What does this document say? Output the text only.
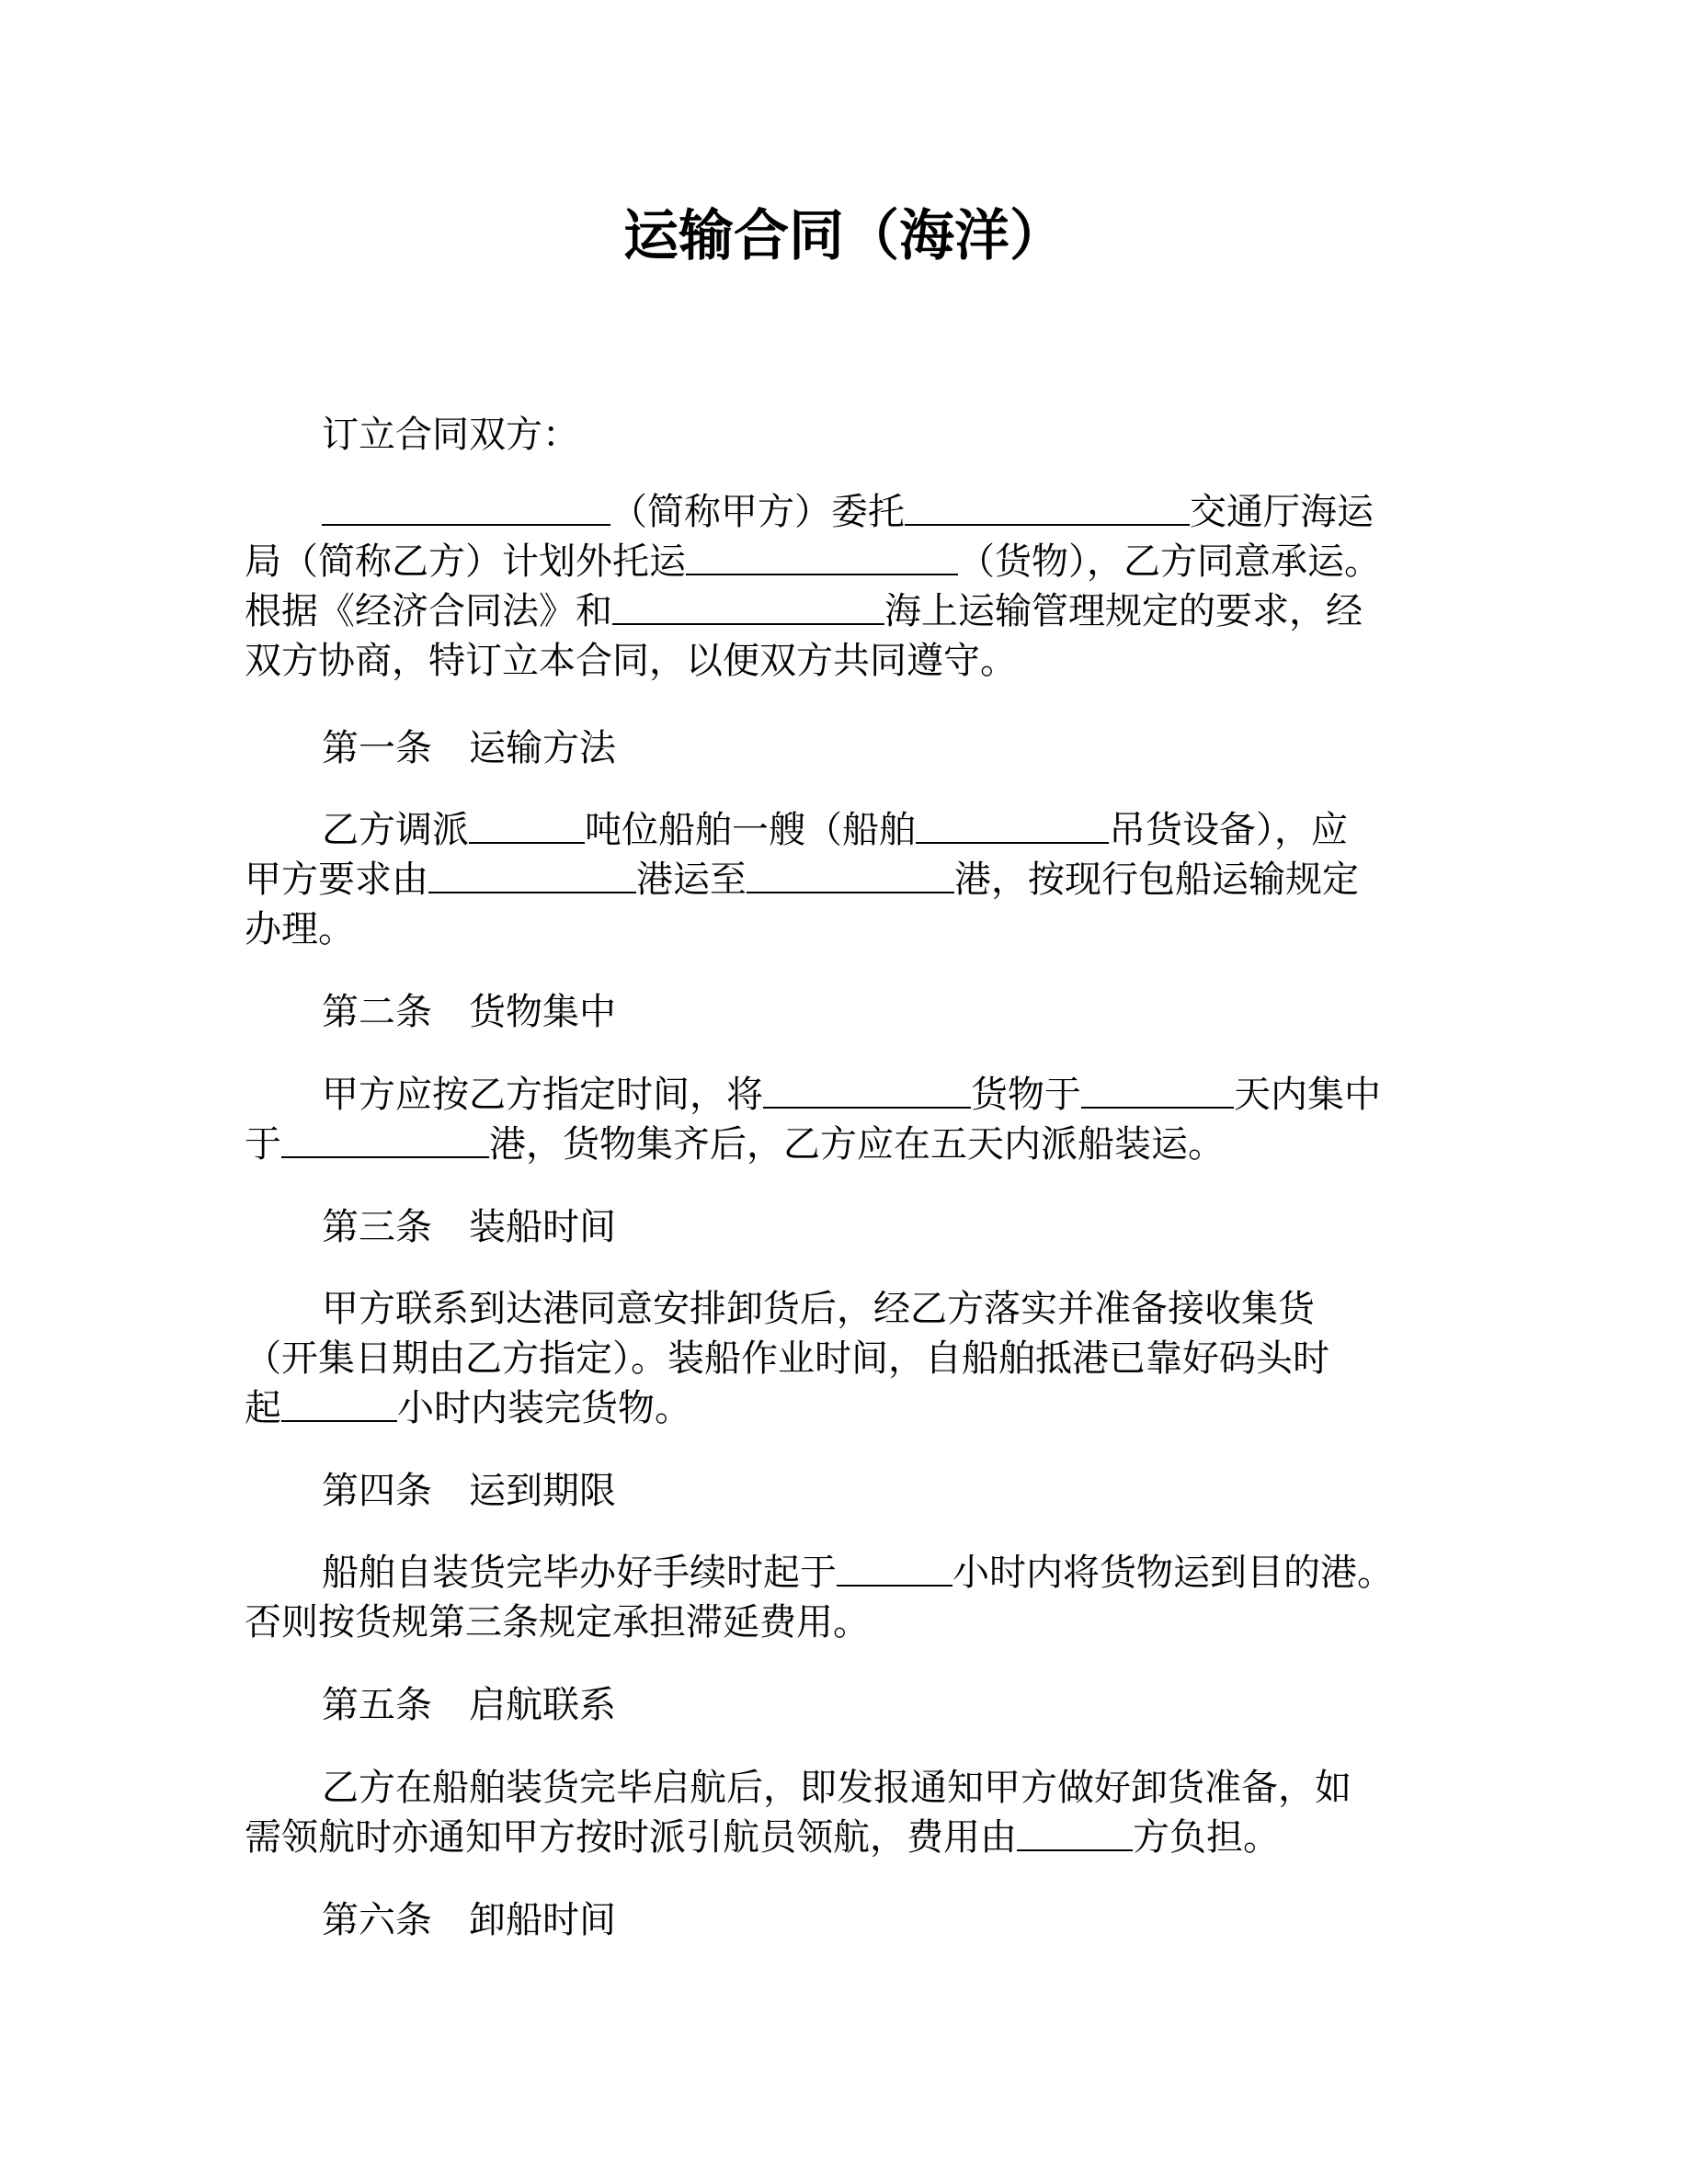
运输合同（海洋）
订立合同双方：
（简称甲方）委托	交通厅海运
局（简称乙方）计划外托运	（货物），乙方同意承运。
根据《经济合同法》和	海上运输管理规定的要求，经
双方协商，特订立本合同，以便双方共同遵守。
第一条 运输方法
乙方调派	吨位船舶一艘（船舶	吊货设备），应
甲方要求由	港运至	港，按现行包船运输规定
办理。
第二条 货物集中
甲方应按乙方指定时间，将	货物于	天内集中
于	港，货物集齐后，乙方应在五天内派船装运。
第三条 装船时间
甲方联系到达港同意安排卸货后，经乙方落实并准备接收集货
（开集日期由乙方指定）。装船作业时间，自船舶抵港已靠好码头时
起	小时内装完货物。
第四条 运到期限
船舶自装货完毕办好手续时起于	小时内将货物运到目的港。
否则按货规第三条规定承担滞延费用。
第五条 启航联系
乙方在船舶装货完毕启航后，即发报通知甲方做好卸货准备，如
需领航时亦通知甲方按时派引航员领航，费用由	方负担。
第六条 卸船时间
